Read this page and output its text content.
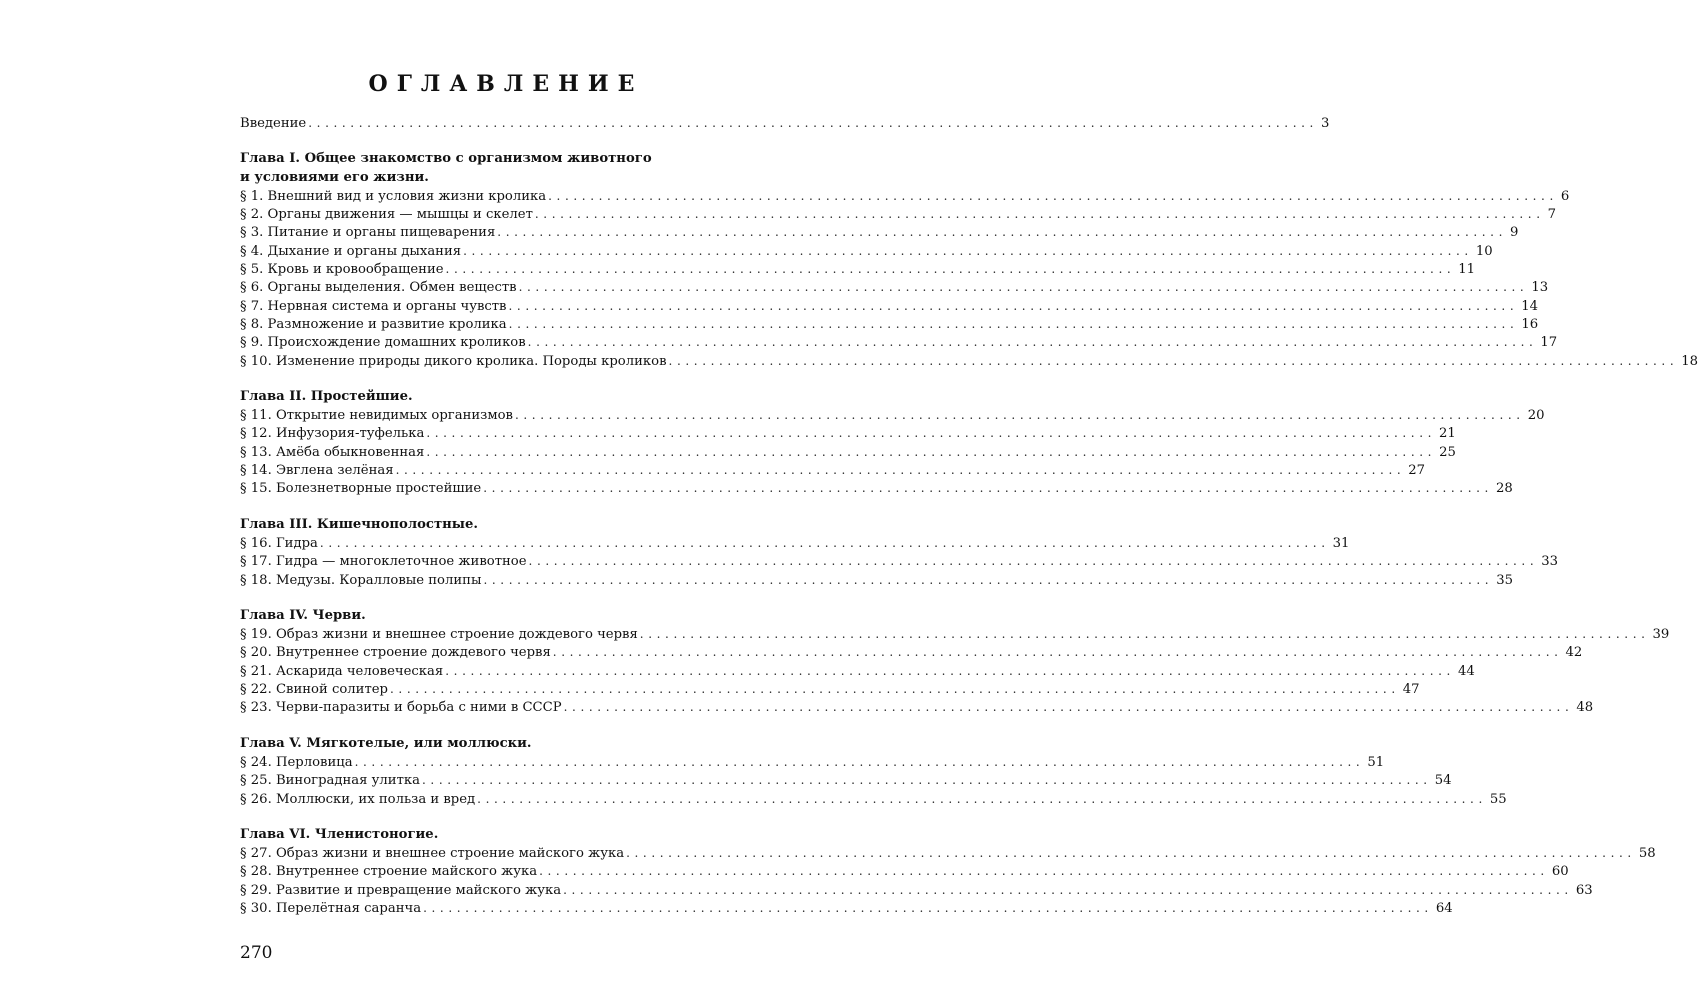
ОГЛАВЛЕНИЕ
Введение ........................................................................................................................ 3
Глава I. Общее знакомство с организмом животного
и условиями его жизни.
§ 1. Внешний вид и условия жизни кролика ........................................................................................................................ 6
§ 2. Органы движения — мышцы и скелет ........................................................................................................................ 7
§ 3. Питание и органы пищеварения ........................................................................................................................ 9
§ 4. Дыхание и органы дыхания ........................................................................................................................ 10
§ 5. Кровь и кровообращение ........................................................................................................................ 11
§ 6. Органы выделения. Обмен веществ ........................................................................................................................ 13
§ 7. Нервная система и органы чувств ........................................................................................................................ 14
§ 8. Размножение и развитие кролика ........................................................................................................................ 16
§ 9. Происхождение домашних кроликов ........................................................................................................................ 17
§ 10. Изменение природы дикого кролика. Породы кроликов ........................................................................................................................ 18
Глава II. Простейшие.
§ 11. Открытие невидимых организмов ........................................................................................................................ 20
§ 12. Инфузория-туфелька ........................................................................................................................ 21
§ 13. Амёба обыкновенная ........................................................................................................................ 25
§ 14. Эвглена зелёная ........................................................................................................................ 27
§ 15. Болезнетворные простейшие ........................................................................................................................ 28
Глава III. Кишечнополостные.
§ 16. Гидра ........................................................................................................................ 31
§ 17. Гидра — многоклеточное животное ........................................................................................................................ 33
§ 18. Медузы. Коралловые полипы ........................................................................................................................ 35
Глава IV. Черви.
§ 19. Образ жизни и внешнее строение дождевого червя ........................................................................................................................ 39
§ 20. Внутреннее строение дождевого червя ........................................................................................................................ 42
§ 21. Аскарида человеческая ........................................................................................................................ 44
§ 22. Свиной солитер ........................................................................................................................ 47
§ 23. Черви-паразиты и борьба с ними в СССР ........................................................................................................................ 48
Глава V. Мягкотелые, или моллюски.
§ 24. Перловица ........................................................................................................................ 51
§ 25. Виноградная улитка ........................................................................................................................ 54
§ 26. Моллюски, их польза и вред ........................................................................................................................ 55
Глава VI. Членистоногие.
§ 27. Образ жизни и внешнее строение майского жука ........................................................................................................................ 58
§ 28. Внутреннее строение майского жука ........................................................................................................................ 60
§ 29. Развитие и превращение майского жука ........................................................................................................................ 63
§ 30. Перелётная саранча ........................................................................................................................ 64
270
